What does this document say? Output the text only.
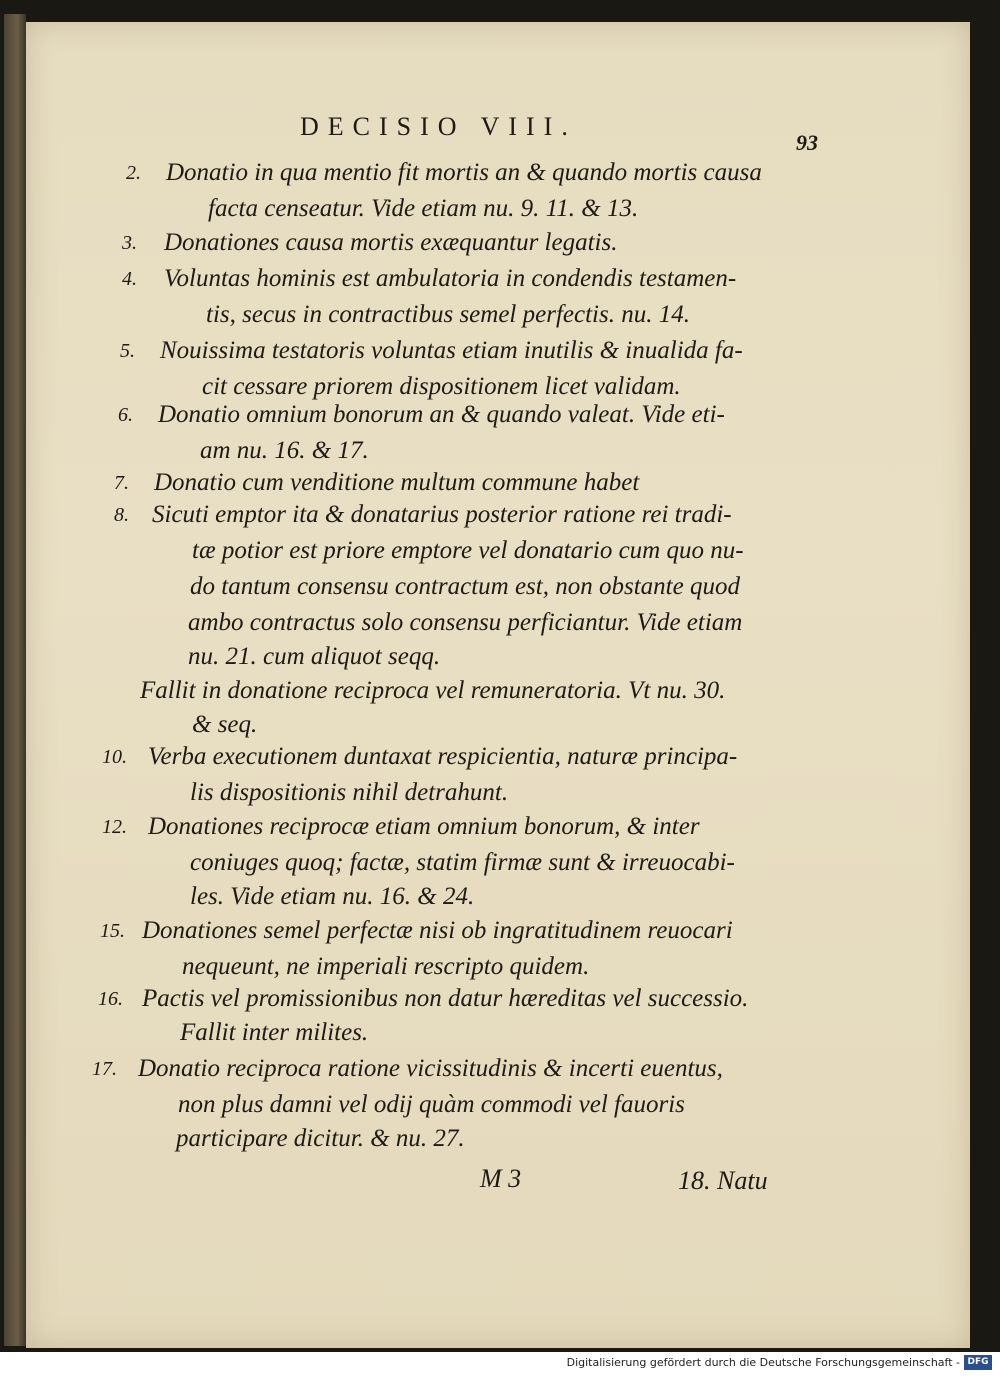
DECISIO VIII.
93
2. Donatio in qua mentio fit mortis an & quando mortis causa
facta censeatur. Vide etiam nu. 9. 11. & 13.
3. Donationes causa mortis exæquantur legatis.
4. Voluntas hominis est ambulatoria in condendis testamen-
tis, secus in contractibus semel perfectis. nu. 14.
5. Nouissima testatoris voluntas etiam inutilis & inualida fa-
cit cessare priorem dispositionem licet validam.
6. Donatio omnium bonorum an & quando valeat. Vide eti-
am nu. 16. & 17.
7. Donatio cum venditione multum commune habet
8. Sicuti emptor ita & donatarius posterior ratione rei tradi-
tæ potior est priore emptore vel donatario cum quo nu-
do tantum consensu contractum est, non obstante quod
ambo contractus solo consensu perficiantur. Vide etiam
nu. 21. cum aliquot seqq.
Fallit in donatione reciproca vel remuneratoria. Vt nu. 30.
& seq.
10. Verba executionem duntaxat respicientia, naturæ principa-
lis dispositionis nihil detrahunt.
12. Donationes reciprocæ etiam omnium bonorum, & inter
coniuges quoq; factæ, statim firmæ sunt & irreuocabi-
les. Vide etiam nu. 16. & 24.
15. Donationes semel perfectæ nisi ob ingratitudinem reuocari
nequeunt, ne imperiali rescripto quidem.
16. Pactis vel promissionibus non datur hæreditas vel successio.
Fallit inter milites.
17. Donatio reciproca ratione vicissitudinis & incerti euentus,
non plus damni vel odij quàm commodi vel fauoris
participare dicitur. & nu. 27.
M 3	18. Natu
Digitalisierung gefördert durch die Deutsche Forschungsgemeinschaft - DFG
